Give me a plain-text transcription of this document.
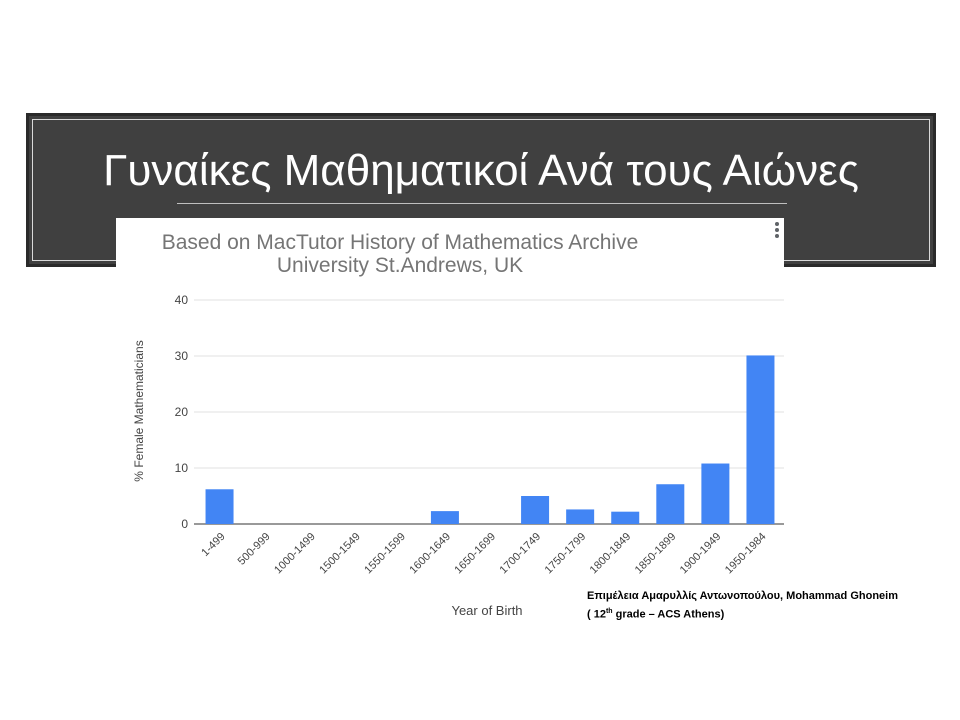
Γυναίκες Μαθηματικοί Ανά τους Αιώνες
Based on MacTutor History of Mathematics Archive
University St.Andrews, UK
0
10
20
30
40
1-499 500-999 1000-1499 1500-1549 1550-1599 1600-1649 1650-1699 1700-1749 1750-1799 1800-1849 1850-1899 1900-1949 1950-1984
% Female Mathematicians
Year of Birth
Επιμέλεια Αμαρυλλίς Αντωνοπούλου, Mohammad Ghoneim
( 12th grade – ACS Athens)
